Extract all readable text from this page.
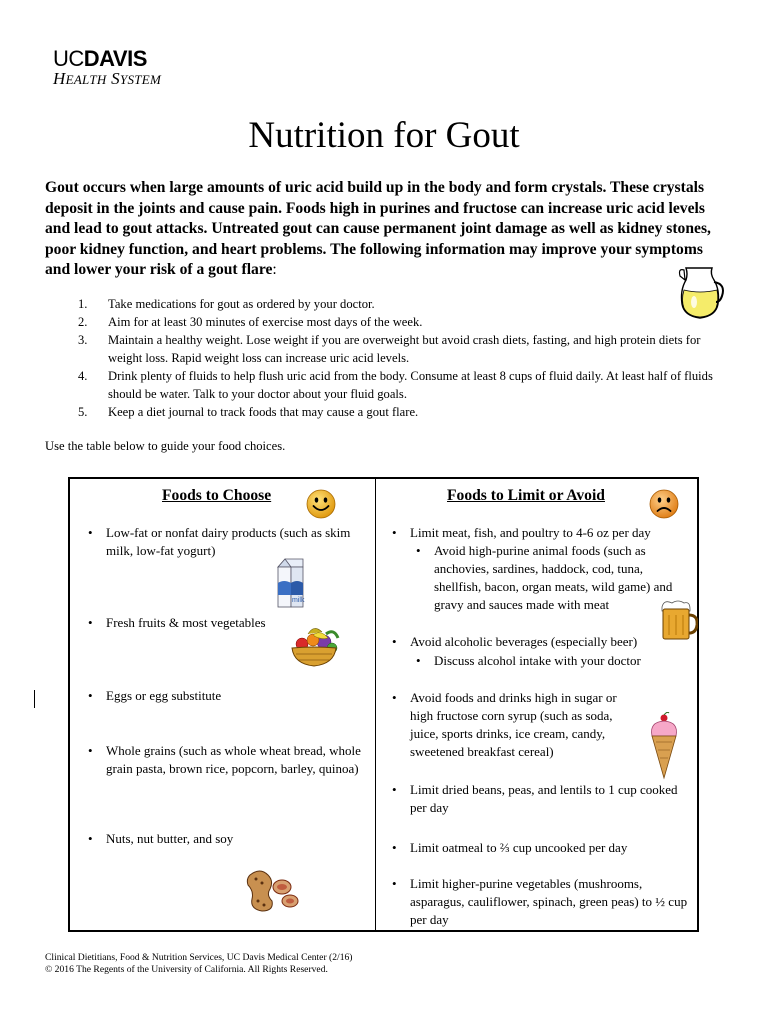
UCDAVIS
HEALTH SYSTEM
Nutrition for Gout

Gout occurs when large amounts of uric acid build up in the body and form crystals. These crystals deposit in the joints and cause pain. Foods high in purines and fructose can increase uric acid levels and lead to gout attacks. Untreated gout can cause permanent joint damage as well as kidney stones, poor kidney function, and heart problems. The following information may improve your symptoms and lower your risk of a gout flare:

1. Take medications for gout as ordered by your doctor.
2. Aim for at least 30 minutes of exercise most days of the week.
3. Maintain a healthy weight. Lose weight if you are overweight but avoid crash diets, fasting, and high protein diets for weight loss. Rapid weight loss can increase uric acid levels.
4. Drink plenty of fluids to help flush uric acid from the body. Consume at least 8 cups of fluid daily. At least half of fluids should be water. Talk to your doctor about your fluid goals.
5. Keep a diet journal to track foods that may cause a gout flare.

Use the table below to guide your food choices.

Foods to Choose
•	Low-fat or nonfat dairy products (such as skim milk, low-fat yogurt)
milk
•	Fresh fruits & most vegetables
•	Eggs or egg substitute
•	Whole grains (such as whole wheat bread, whole grain pasta, brown rice, popcorn, barley, quinoa)
•	Nuts, nut butter, and soy
Foods to Limit or Avoid
•	Limit meat, fish, and poultry to 4-6 oz per day
•	Avoid high-purine animal foods (such as anchovies, sardines, haddock, cod, tuna, shellfish, bacon, organ meats, wild game) and gravy and sauces made with meat
•	Avoid alcoholic beverages (especially beer)
•	Discuss alcohol intake with your doctor
•	Avoid foods and drinks high in sugar or high fructose corn syrup (such as soda, juice, sports drinks, ice cream, candy, sweetened breakfast cereal)
•	Limit dried beans, peas, and lentils to 1 cup cooked per day
•	Limit oatmeal to ⅔ cup uncooked per day
•	Limit higher-purine vegetables (mushrooms, asparagus, cauliflower, spinach, green peas) to ½ cup per day

Clinical Dietitians, Food & Nutrition Services, UC Davis Medical Center (2/16)
© 2016 The Regents of the University of California. All Rights Reserved.
